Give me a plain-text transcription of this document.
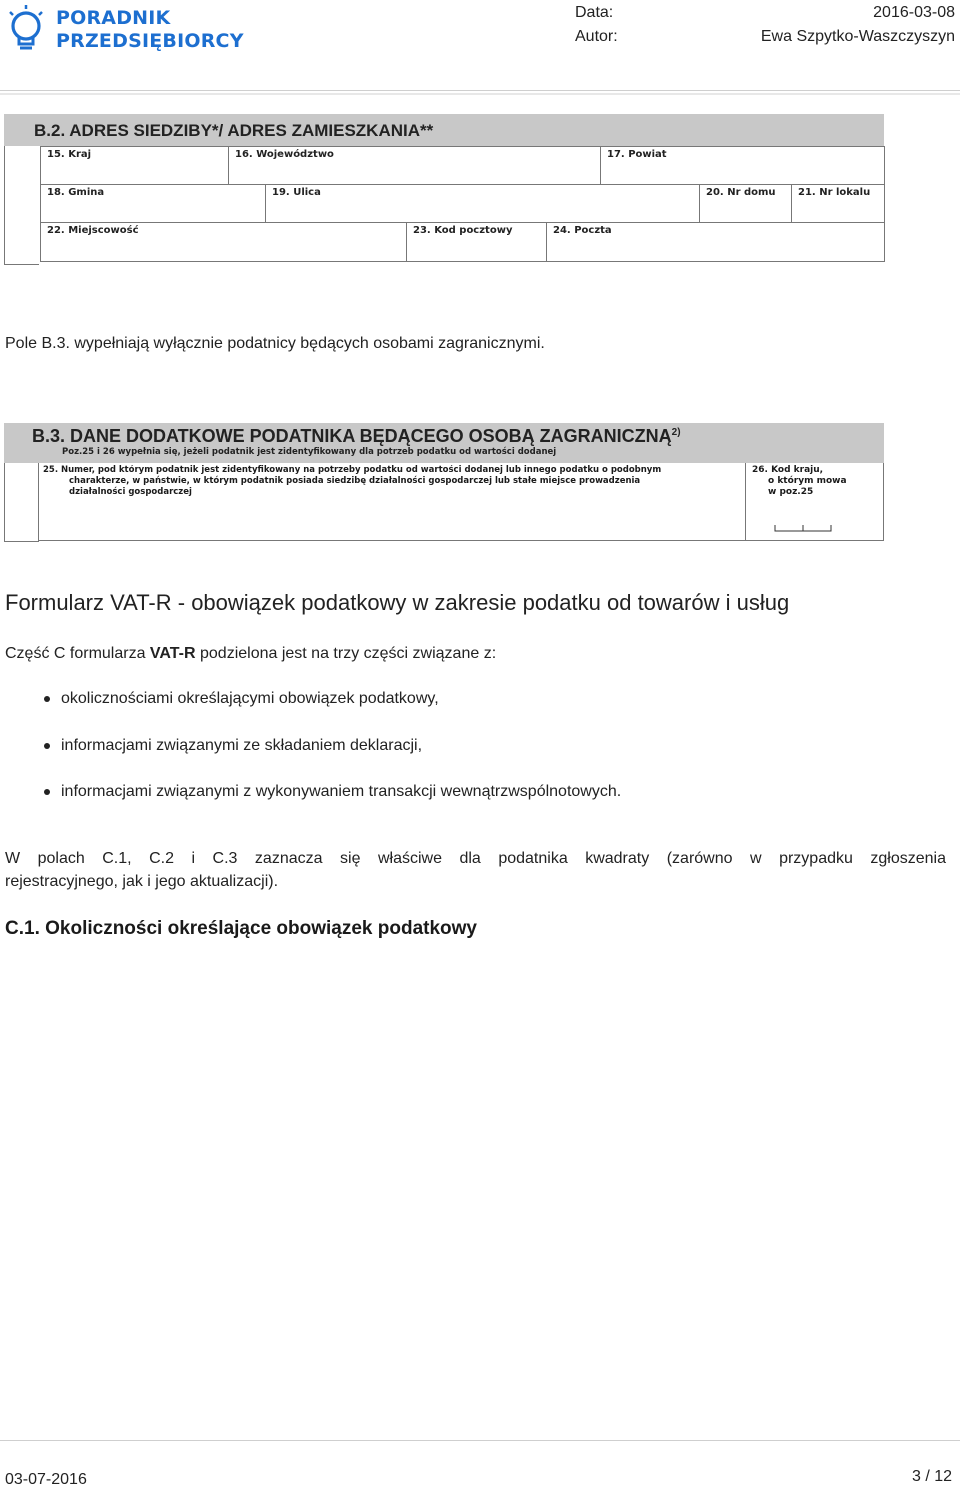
PORADNIK
PRZEDSIĘBIORCY
Data:	2016-03-08
Autor:	Ewa Szpytko-Waszczyszyn
B.2. ADRES SIEDZIBY*/ ADRES ZAMIESZKANIA**
15. Kraj	16. Województwo	17. Powiat
18. Gmina	19. Ulica	20. Nr domu	21. Nr lokalu
22. Miejscowość	23. Kod pocztowy	24. Poczta
Pole B.3. wypełniają wyłącznie podatnicy będących osobami zagranicznymi.
B.3. DANE DODATKOWE PODATNIKA BĘDĄCEGO OSOBĄ ZAGRANICZNĄ$^{2)}$
Poz.25 i 26 wypełnia się, jeżeli podatnik jest zidentyfikowany dla potrzeb podatku od wartości dodanej
25. Numer, pod którym podatnik jest zidentyfikowany na potrzeby podatku od wartości dodanej lub innego podatku o podobnym
charakterze, w państwie, w którym podatnik posiada siedzibę działalności gospodarczej lub stałe miejsce prowadzenia
działalności gospodarczej
26. Kod kraju,
o którym mowa
w poz.25
Formularz VAT-R - obowiązek podatkowy w zakresie podatku od towarów i usług
Część C formularza VAT-R podzielona jest na trzy części związane z:
okolicznościami określającymi obowiązek podatkowy,
informacjami związanymi ze składaniem deklaracji,
informacjami związanymi z wykonywaniem transakcji wewnątrzwspólnotowych.
W polach C.1, C.2 i C.3 zaznacza się właściwe dla podatnika kwadraty (zarówno w przypadku zgłoszenia
rejestracyjnego, jak i jego aktualizacji).
C.1. Okoliczności określające obowiązek podatkowy
03-07-2016	3 / 12
